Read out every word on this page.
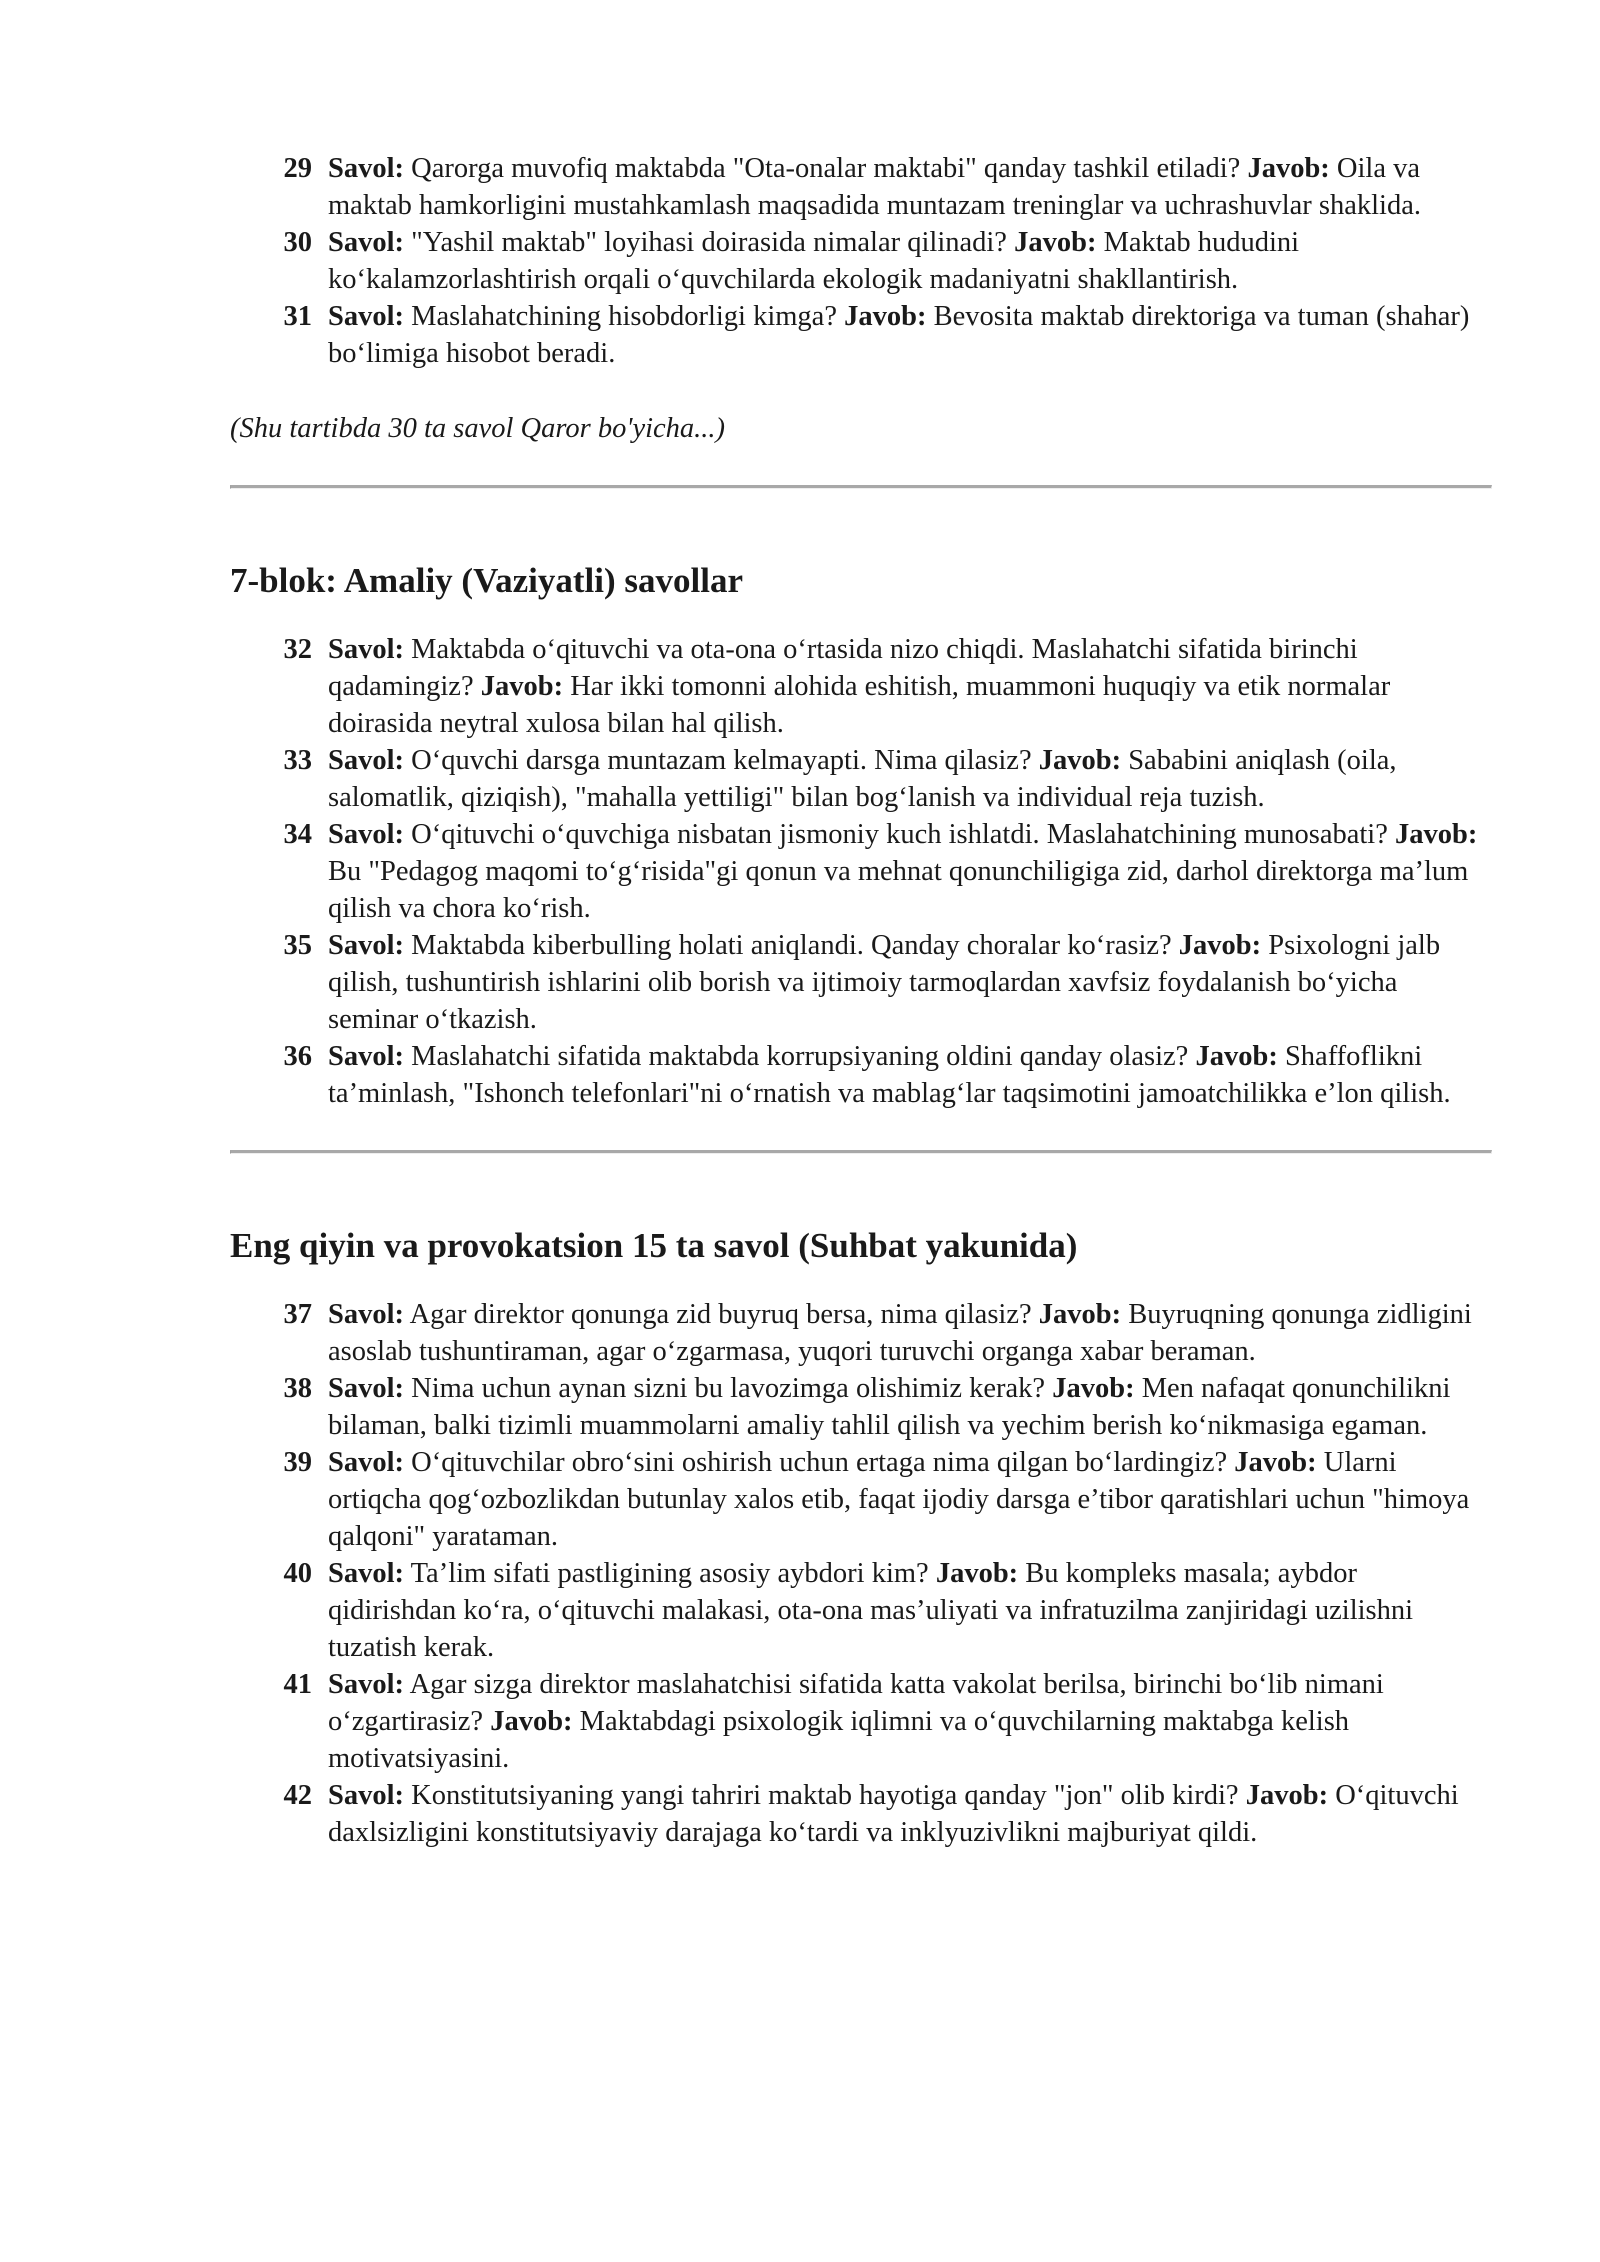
29 Savol: Qarorga muvofiq maktabda "Ota-onalar maktabi" qanday tashkil etiladi? Javob: Oila va maktab hamkorligini mustahkamlash maqsadida muntazam treninglar va uchrashuvlar shaklida.
30 Savol: "Yashil maktab" loyihasi doirasida nimalar qilinadi? Javob: Maktab hududini ko‘kalamzorlashtirish orqali o‘quvchilarda ekologik madaniyatni shakllantirish.
31 Savol: Maslahatchining hisobdorligi kimga? Javob: Bevosita maktab direktoriga va tuman (shahar) bo‘limiga hisobot beradi.

(Shu tartibda 30 ta savol Qaror bo'yicha...)

7-blok: Amaliy (Vaziyatli) savollar
32 Savol: Maktabda o‘qituvchi va ota-ona o‘rtasida nizo chiqdi. Maslahatchi sifatida birinchi qadamingiz? Javob: Har ikki tomonni alohida eshitish, muammoni huquqiy va etik normalar doirasida neytral xulosa bilan hal qilish.
33 Savol: O‘quvchi darsga muntazam kelmayapti. Nima qilasiz? Javob: Sababini aniqlash (oila, salomatlik, qiziqish), "mahalla yettiligi" bilan bog‘lanish va individual reja tuzish.
34 Savol: O‘qituvchi o‘quvchiga nisbatan jismoniy kuch ishlatdi. Maslahatchining munosabati? Javob: Bu "Pedagog maqomi to‘g‘risida"gi qonun va mehnat qonunchiligiga zid, darhol direktorga ma’lum qilish va chora ko‘rish.
35 Savol: Maktabda kiberbulling holati aniqlandi. Qanday choralar ko‘rasiz? Javob: Psixologni jalb qilish, tushuntirish ishlarini olib borish va ijtimoiy tarmoqlardan xavfsiz foydalanish bo‘yicha seminar o‘tkazish.
36 Savol: Maslahatchi sifatida maktabda korrupsiyaning oldini qanday olasiz? Javob: Shaffoflikni ta’minlash, "Ishonch telefonlari"ni o‘rnatish va mablag‘lar taqsimotini jamoatchilikka e’lon qilish.
Eng qiyin va provokatsion 15 ta savol (Suhbat yakunida)
37 Savol: Agar direktor qonunga zid buyruq bersa, nima qilasiz? Javob: Buyruqning qonunga zidligini asoslab tushuntiraman, agar o‘zgarmasa, yuqori turuvchi organga xabar beraman.
38 Savol: Nima uchun aynan sizni bu lavozimga olishimiz kerak? Javob: Men nafaqat qonunchilikni bilaman, balki tizimli muammolarni amaliy tahlil qilish va yechim berish ko‘nikmasiga egaman.
39 Savol: O‘qituvchilar obro‘sini oshirish uchun ertaga nima qilgan bo‘lardingiz? Javob: Ularni ortiqcha qog‘ozbozlikdan butunlay xalos etib, faqat ijodiy darsga e’tibor qaratishlari uchun "himoya qalqoni" yarataman.
40 Savol: Ta’lim sifati pastligining asosiy aybdori kim? Javob: Bu kompleks masala; aybdor qidirishdan ko‘ra, o‘qituvchi malakasi, ota-ona mas’uliyati va infratuzilma zanjiridagi uzilishni tuzatish kerak.
41 Savol: Agar sizga direktor maslahatchisi sifatida katta vakolat berilsa, birinchi bo‘lib nimani o‘zgartirasiz? Javob: Maktabdagi psixologik iqlimni va o‘quvchilarning maktabga kelish motivatsiyasini.
42 Savol: Konstitutsiyaning yangi tahriri maktab hayotiga qanday "jon" olib kirdi? Javob: O‘qituvchi daxlsizligini konstitutsiyaviy darajaga ko‘tardi va inklyuzivlikni majburiyat qildi.
